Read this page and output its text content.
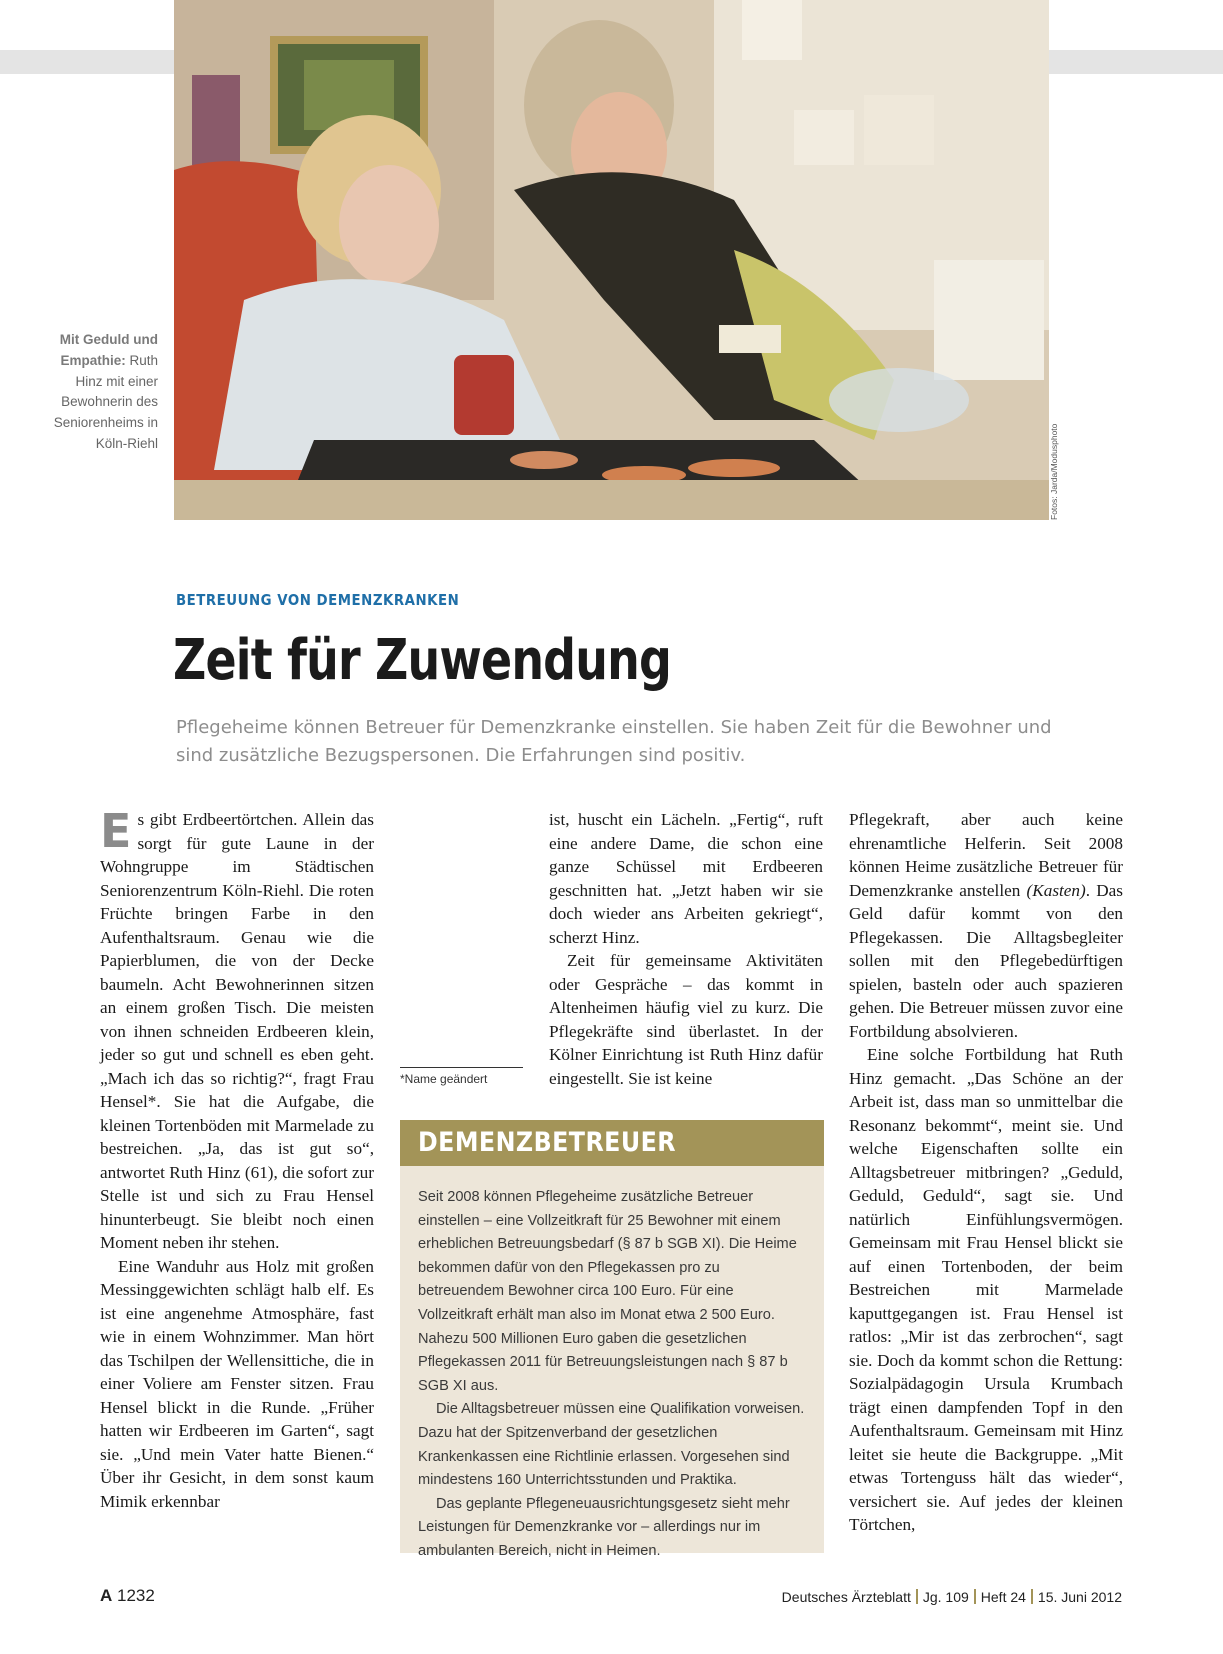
Fotos: Jarda/Modusphoto
Mit Geduld und Empathie: Ruth Hinz mit einer Bewohnerin des Seniorenheims in Köln-Riehl
BETREUUNG VON DEMENZKRANKEN
Zeit für Zuwendung
Pflegeheime können Betreuer für Demenzkranke einstellen. Sie haben Zeit für die Bewohner und sind zusätzliche Bezugspersonen. Die Erfahrungen sind positiv.

Es gibt Erdbeertörtchen. Allein das sorgt für gute Laune in der Wohngruppe im Städtischen Seniorenzentrum Köln-Riehl. Die roten Früchte bringen Farbe in den Aufenthaltsraum. Genau wie die Papierblumen, die von der Decke baumeln. Acht Bewohnerinnen sitzen an einem großen Tisch. Die meisten von ihnen schneiden Erdbeeren klein, jeder so gut und schnell es eben geht. „Mach ich das so richtig?“, fragt Frau Hensel*. Sie hat die Aufgabe, die kleinen Tortenböden mit Marmelade zu bestreichen. „Ja, das ist gut so“, antwortet Ruth Hinz (61), die sofort zur Stelle ist und sich zu Frau Hensel hinunterbeugt. Sie bleibt noch einen Moment neben ihr stehen.

Eine Wanduhr aus Holz mit großen Messinggewichten schlägt halb elf. Es ist eine angenehme Atmosphäre, fast wie in einem Wohnzimmer. Man hört das Tschilpen der Wellensittiche, die in einer Voliere am Fenster sitzen. Frau Hensel blickt in die Runde. „Früher hatten wir Erdbeeren im Garten“, sagt sie. „Und mein Vater hatte Bienen.“ Über ihr Gesicht, in dem sonst kaum Mimik erkennbar

ist, huscht ein Lächeln. „Fertig“, ruft eine andere Dame, die schon eine ganze Schüssel mit Erdbeeren geschnitten hat. „Jetzt haben wir sie doch wieder ans Arbeiten gekriegt“, scherzt Hinz.

Zeit für gemeinsame Aktivitäten oder Gespräche – das kommt in Altenheimen häufig viel zu kurz. Die Pflegekräfte sind überlastet. In der Kölner Einrichtung ist Ruth Hinz dafür eingestellt. Sie ist keine

Pflegekraft, aber auch keine ehrenamtliche Helferin. Seit 2008 können Heime zusätzliche Betreuer für Demenzkranke anstellen (Kasten). Das Geld dafür kommt von den Pflegekassen. Die Alltagsbegleiter sollen mit den Pflegebedürftigen spielen, basteln oder auch spazieren gehen. Die Betreuer müssen zuvor eine Fortbildung absolvieren.

Eine solche Fortbildung hat Ruth Hinz gemacht. „Das Schöne an der Arbeit ist, dass man so unmittelbar die Resonanz bekommt“, meint sie. Und welche Eigenschaften sollte ein Alltagsbetreuer mitbringen? „Geduld, Geduld, Geduld“, sagt sie. Und natürlich Einfühlungsvermögen. Gemeinsam mit Frau Hensel blickt sie auf einen Tortenboden, der beim Bestreichen mit Marmelade kaputtgegangen ist. Frau Hensel ist ratlos: „Mir ist das zerbrochen“, sagt sie. Doch da kommt schon die Rettung: Sozialpädagogin Ursula Krumbach trägt einen dampfenden Topf in den Aufenthaltsraum. Gemeinsam mit Hinz leitet sie heute die Backgruppe. „Mit etwas Tortenguss hält das wieder“, versichert sie. Auf jedes der kleinen Törtchen,

*Name geändert
DEMENZBETREUER

Seit 2008 können Pflegeheime zusätzliche Betreuer einstellen – eine Vollzeitkraft für 25 Bewohner mit einem erheblichen Betreuungsbedarf (§ 87 b SGB XI). Die Heime bekommen dafür von den Pflegekassen pro zu betreuendem Bewohner circa 100 Euro. Für eine Vollzeitkraft erhält man also im Monat etwa 2 500 Euro. Nahezu 500 Millionen Euro gaben die gesetzlichen Pflegekassen 2011 für Betreuungsleistungen nach § 87 b SGB XI aus.

Die Alltagsbetreuer müssen eine Qualifikation vorweisen. Dazu hat der Spitzenverband der gesetzlichen Krankenkassen eine Richtlinie erlassen. Vorgesehen sind mindestens 160 Unterrichtsstunden und Praktika.

Das geplante Pflegeneuausrichtungsgesetz sieht mehr Leistungen für Demenzkranke vor – allerdings nur im ambulanten Bereich, nicht in Heimen.

A 1232	Deutsches Ärzteblatt Jg. 109 Heft 24 15. Juni 2012
